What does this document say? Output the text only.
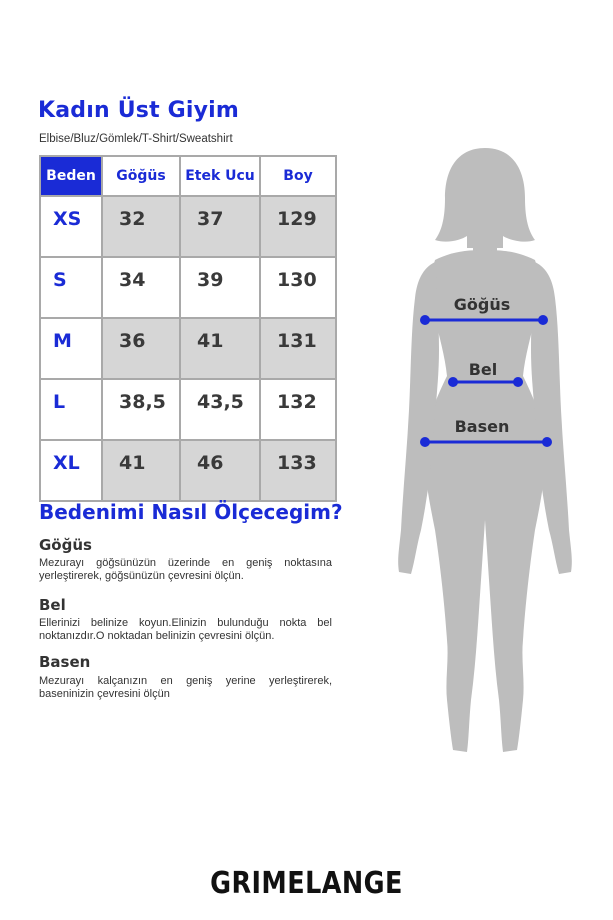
Kadın Üst Giyim
Elbise/Bluz/Gömlek/T-Shirt/Sweatshirt
Beden	Göğüs	Etek Ucu	Boy
XS	32	37	129
S	34	39	130
M	36	41	131
L	38,5	43,5	132
XL	41	46	133
Bedenimi Nasıl Ölçecegim?
Göğüs
Mezurayı göğsünüzün üzerinde en geniş noktasına yerleştirerek, göğsünüzün çevresini ölçün.
Bel
Ellerinizi belinize koyun.Elinizin bulunduğu nokta bel noktanızdır.O noktadan belinizin çevresini ölçün.
Basen
Mezurayı kalçanızın en geniş yerine yerleştirerek, baseninizin çevresini ölçün
Göğüs
Bel
Basen
GRIMELANGE
